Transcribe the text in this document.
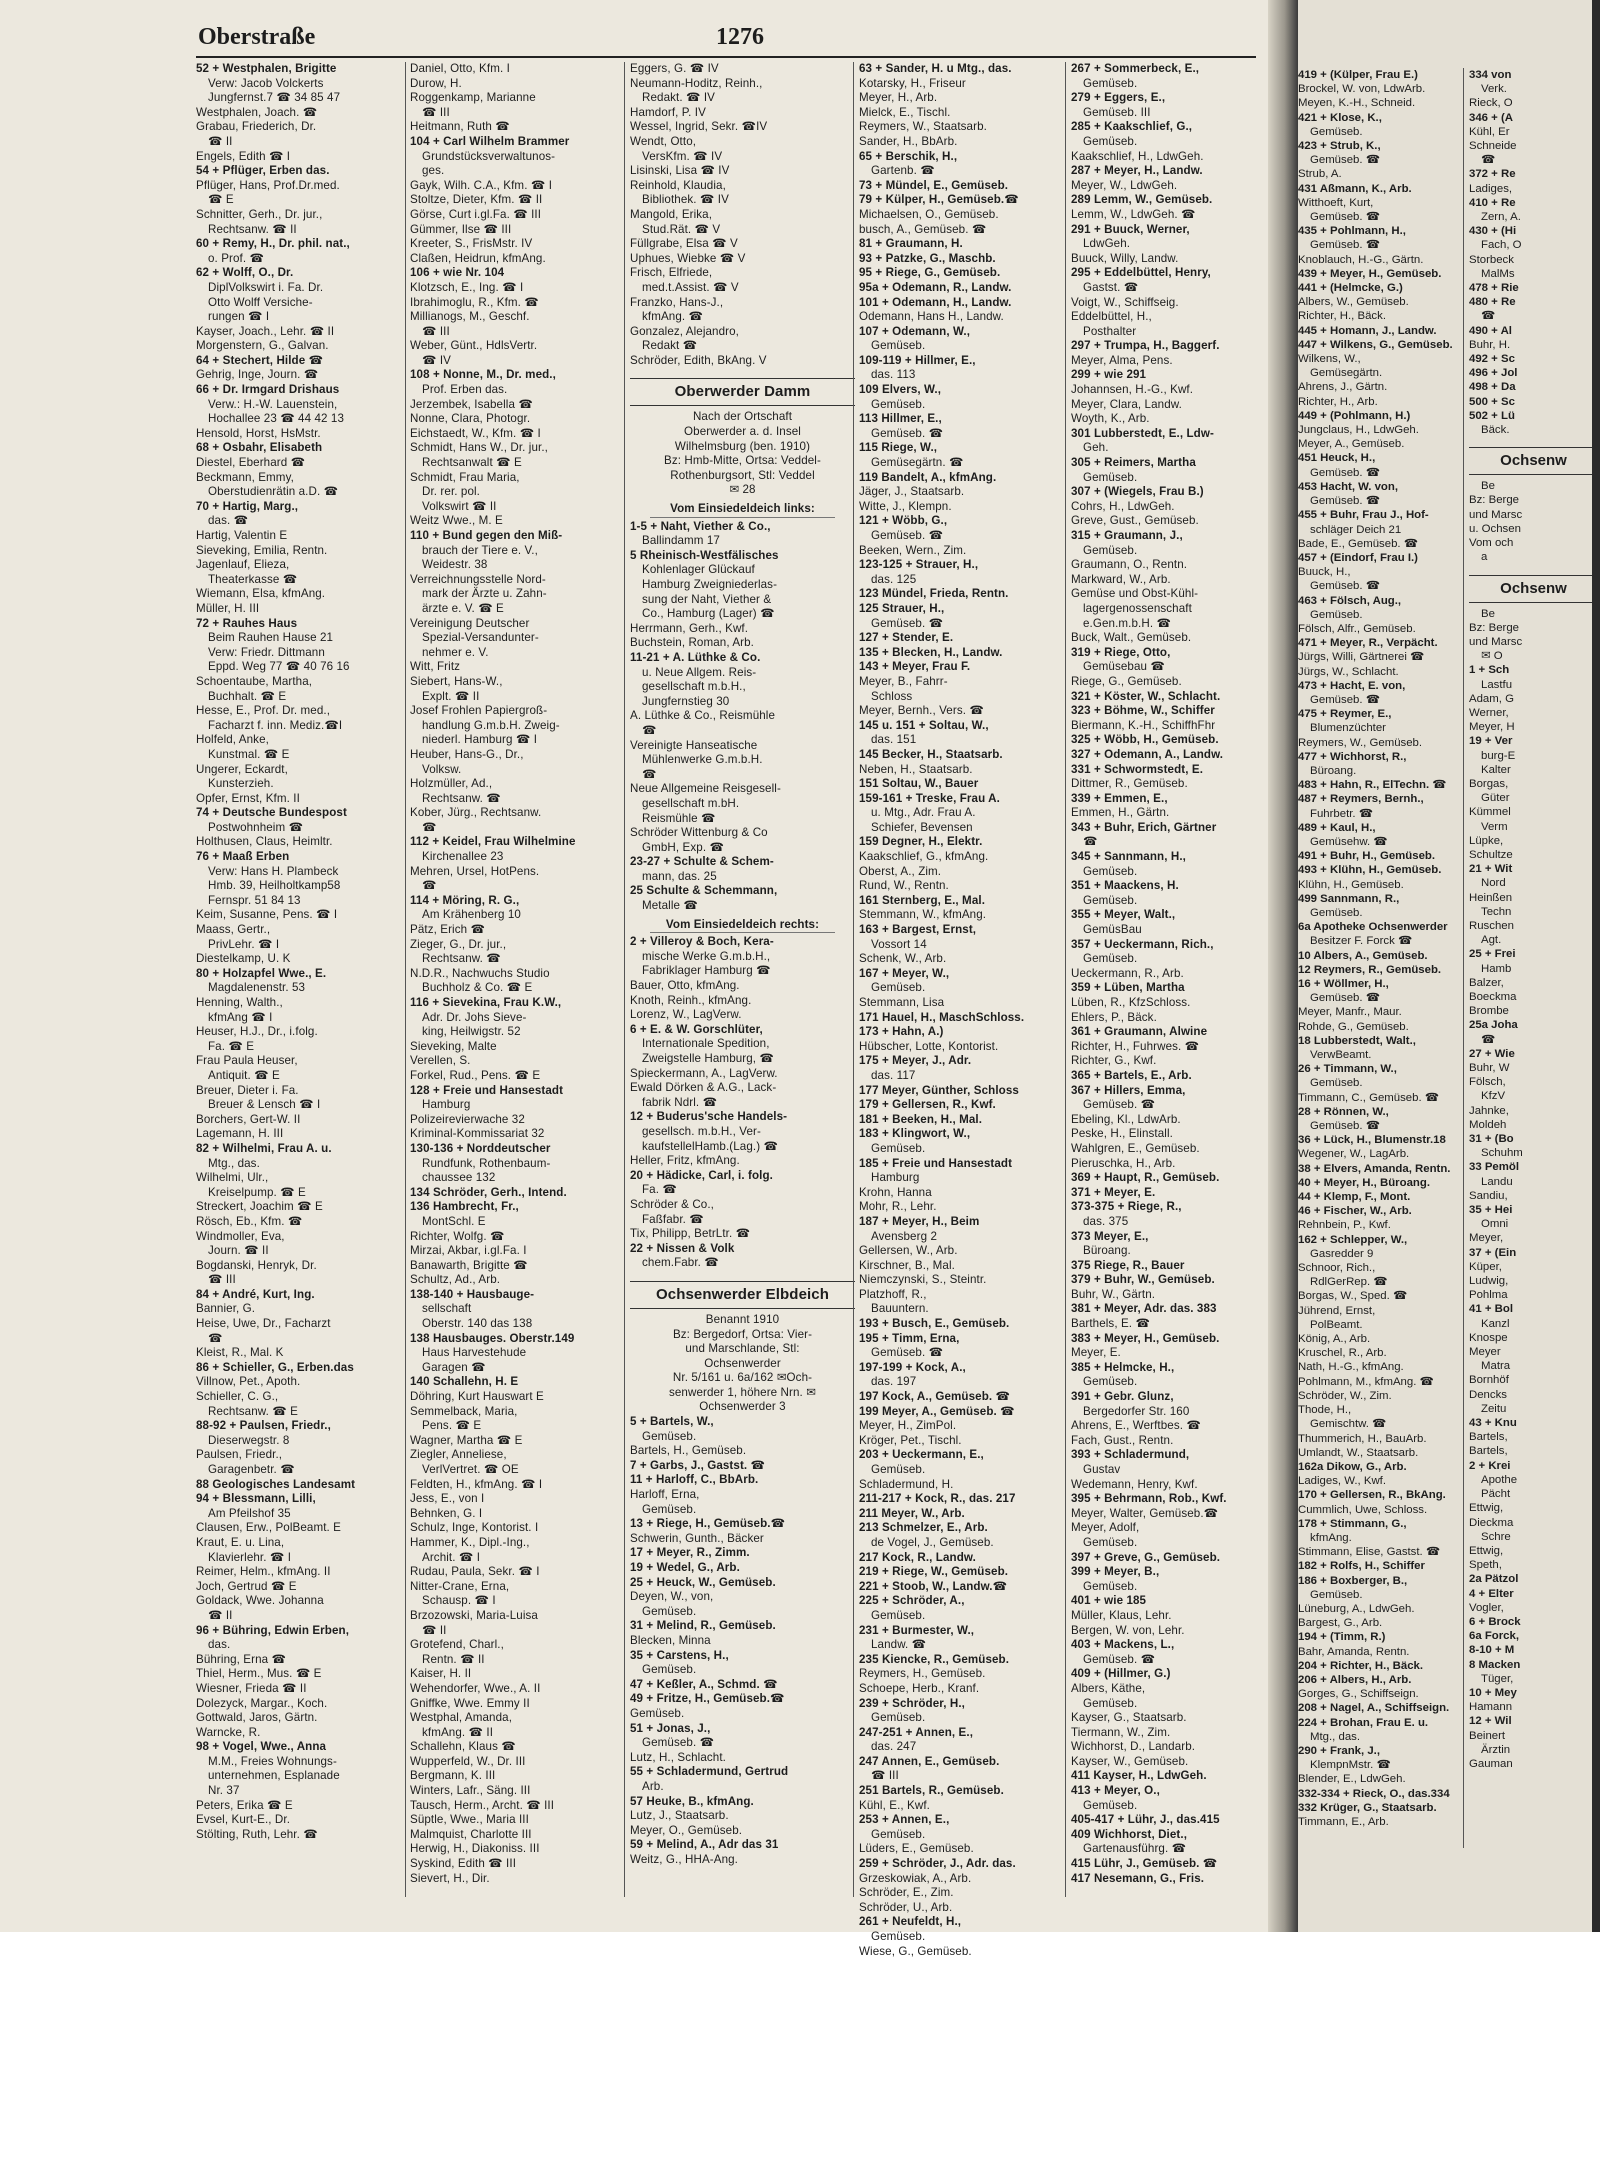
419 + (Külper, Frau E.)
Brockel, W. von, LdwArb.
Meyen, K.-H., Schneid.
421 + Klose, K.,
Gemüseb.
423 + Strub, K.,
Gemüseb. ☎
Strub, A.
431 Aßmann, K., Arb.
Witthoeft, Kurt,
Gemüseb. ☎
435 + Pohlmann, H.,
Gemüseb. ☎
Knoblauch, H.-G., Gärtn.
439 + Meyer, H., Gemüseb.
441 + (Helmcke, G.)
Albers, W., Gemüseb.
Richter, H., Bäck.
445 + Homann, J., Landw.
447 + Wilkens, G., Gemüseb.
Wilkens, W.,
Gemüsegärtn.
Ahrens, J., Gärtn.
Richter, H., Arb.
449 + (Pohlmann, H.)
Jungclaus, H., LdwGeh.
Meyer, A., Gemüseb.
451 Heuck, H.,
Gemüseb. ☎
453 Hacht, W. von,
Gemüseb. ☎
455 + Buhr, Frau J., Hof-
schläger Deich 21
Bade, E., Gemüseb. ☎
457 + (Eindorf, Frau I.)
Buuck, H.,
Gemüseb. ☎
463 + Fölsch, Aug.,
Gemüseb.
Fölsch, Alfr., Gemüseb.
471 + Meyer, R., Verpächt.
Jürgs, Willi, Gärtnerei ☎
Jürgs, W., Schlacht.
473 + Hacht, E. von,
Gemüseb. ☎
475 + Reymer, E.,
Blumenzüchter
Reymers, W., Gemüseb.
477 + Wichhorst, R.,
Büroang.
483 + Hahn, R., ElTechn. ☎
487 + Reymers, Bernh.,
Fuhrbetr. ☎
489 + Kaul, H.,
Gemüsehw. ☎
491 + Buhr, H., Gemüseb.
493 + Klühn, H., Gemüseb.
Klühn, H., Gemüseb.
499 Sannmann, R.,
Gemüseb.
6a Apotheke Ochsenwerder
Besitzer F. Forck ☎
10 Albers, A., Gemüseb.
12 Reymers, R., Gemüseb.
16 + Wöllmer, H.,
Gemüseb. ☎
Meyer, Manfr., Maur.
Rohde, G., Gemüseb.
18 Lubberstedt, Walt.,
VerwBeamt.
26 + Timmann, W.,
Gemüseb.
Timmann, C., Gemüseb. ☎
28 + Rönnen, W.,
Gemüseb. ☎
36 + Lück, H., Blumenstr.18
Wegener, W., LagArb.
38 + Elvers, Amanda, Rentn.
40 + Meyer, H., Büroang.
44 + Klemp, F., Mont.
46 + Fischer, W., Arb.
Rehnbein, P., Kwf.
162 + Schlepper, W.,
Gasredder 9
Schnoor, Rich.,
RdlGerRep. ☎
Borgas, W., Sped. ☎
Jührend, Ernst,
PolBeamt.
König, A., Arb.
Kruschel, R., Arb.
Nath, H.-G., kfmAng.
Pohlmann, M., kfmAng. ☎
Schröder, W., Zim.
Thode, H.,
Gemischtw. ☎
Thummerich, H., BauArb.
Umlandt, W., Staatsarb.
162a Dikow, G., Arb.
Ladiges, W., Kwf.
170 + Gellersen, R., BkAng.
Cummlich, Uwe, Schloss.
178 + Stimmann, G.,
kfmAng.
Stimmann, Elise, Gastst. ☎
182 + Rolfs, H., Schiffer
186 + Boxberger, B.,
Gemüseb.
Lüneburg, A., LdwGeh.
Bargest, G., Arb.
194 + (Timm, R.)
Bahr, Amanda, Rentn.
204 + Richter, H., Bäck.
206 + Albers, H., Arb.
Gorges, G., Schiffseign.
208 + Nagel, A., Schiffseign.
224 + Brohan, Frau E. u.
Mtg., das.
290 + Frank, J.,
KlempnMstr. ☎
Blender, E., LdwGeh.
332-334 + Rieck, O., das.334
332 Krüger, G., Staatsarb.
Timmann, E., Arb.
334 von
Verk.
Rieck, O
346 + (A
Kühl, Er
Schneide
☎
372 + Re
Ladiges,
410 + Re
Zern, A.
430 + (Hi
Fach, O
Storbeck
MalMs
478 + Rie
480 + Re
☎
490 + Al
Buhr, H.
492 + Sc
496 + Jol
498 + Da
500 + Sc
502 + Lü
Bäck.
Ochsenw
Be
Bz: Berge
und Marsc
u. Ochsen
Vom och
a
Ochsenw
Be
Bz: Berge
und Marsc
✉ O
1 + Sch
Lastfu
Adam, G
Werner,
Meyer, H
19 + Ver
burg-E
Kalter
Borgas,
Güter
Kümmel
Verm
Lüpke,
Schultze
21 + Wit
Nord
Heinßen
Techn
Ruschen
Agt.
25 + Frei
Hamb
Balzer,
Boeckma
Brombe
25a Joha
☎
27 + Wie
Buhr, W
Fölsch,
KfzV
Jahnke,
Moldeh
31 + (Bo
Schuhm
33 Pemöl
Landu
Sandiu,
35 + Hei
Omni
Meyer,
37 + (Ein
Küper,
Ludwig,
Pohlma
41 + Bol
Kanzl
Knospe
Meyer
Matra
Bornhöf
Dencks
Zeitu
43 + Knu
Bartels,
Bartels,
2 + Krei
Apothe
Pächt
Ettwig,
Dieckma
Schre
Ettwig,
Speth,
2a Pätzol
4 + Elter
Vogler,
6 + Brock
6a Forck,
8-10 + M
8 Macken
Tüger,
10 + Mey
Hamann
12 + Wil
Beinert
Ärztin
Gauman
Oberstraße	1276
52 + Westphalen, Brigitte
Verw: Jacob Volckerts
Jungfernst.7 ☎ 34 85 47
Westphalen, Joach. ☎
Grabau, Friederich, Dr.
☎ II
Engels, Edith ☎ I
54 + Pflüger, Erben das.
Pflüger, Hans, Prof.Dr.med.
☎ E
Schnitter, Gerh., Dr. jur.,
Rechtsanw. ☎ II
60 + Remy, H., Dr. phil. nat.,
o. Prof. ☎
62 + Wolff, O., Dr.
DiplVolkswirt i. Fa. Dr.
Otto Wolff Versiche-
rungen ☎ I
Kayser, Joach., Lehr. ☎ II
Morgenstern, G., Galvan.
64 + Stechert, Hilde ☎
Gehrig, Inge, Journ. ☎
66 + Dr. Irmgard Drishaus
Verw.: H.-W. Lauenstein,
Hochallee 23 ☎ 44 42 13
Hensold, Horst, HsMstr.
68 + Osbahr, Elisabeth
Diestel, Eberhard ☎
Beckmann, Emmy,
Oberstudienrätin a.D. ☎
70 + Hartig, Marg.,
das. ☎
Hartig, Valentin E
Sieveking, Emilia, Rentn.
Jagenlauf, Elieza,
Theaterkasse ☎
Wiemann, Elsa, kfmAng.
Müller, H. III
72 + Rauhes Haus
Beim Rauhen Hause 21
Verw: Friedr. Dittmann
Eppd. Weg 77 ☎ 40 76 16
Schoentaube, Martha,
Buchhalt. ☎ E
Hesse, E., Prof. Dr. med.,
Facharzt f. inn. Mediz.☎I
Holfeld, Anke,
Kunstmal. ☎ E
Ungerer, Eckardt,
Kunsterzieh.
Opfer, Ernst, Kfm. II
74 + Deutsche Bundespost
Postwohnheim ☎
Holthusen, Claus, Heimltr.
76 + Maaß Erben
Verw: Hans H. Plambeck
Hmb. 39, Heilholtkamp58
Fernspr. 51 84 13
Keim, Susanne, Pens. ☎ I
Maass, Gertr.,
PrivLehr. ☎ I
Diestelkamp, U. K
80 + Holzapfel Wwe., E.
Magdalenenstr. 53
Henning, Walth.,
kfmAng ☎ I
Heuser, H.J., Dr., i.folg.
Fa. ☎ E
Frau Paula Heuser,
Antiquit. ☎ E
Breuer, Dieter i. Fa.
Breuer & Lensch ☎ I
Borchers, Gert-W. II
Lagemann, H. III
82 + Wilhelmi, Frau A. u.
Mtg., das.
Wilhelmi, Ulr.,
Kreiselpump. ☎ E
Streckert, Joachim ☎ E
Rösch, Eb., Kfm. ☎
Windmoller, Eva,
Journ. ☎ II
Bogdanski, Henryk, Dr.
☎ III
84 + André, Kurt, Ing.
Bannier, G.
Heise, Uwe, Dr., Facharzt
☎
Kleist, R., Mal. K
86 + Schieller, G., Erben.das
Villnow, Pet., Apoth.
Schieller, C. G.,
Rechtsanw. ☎ E
88-92 + Paulsen, Friedr.,
Dieserwegstr. 8
Paulsen, Friedr.,
Garagenbetr. ☎
88 Geologisches Landesamt
94 + Blessmann, Lilli,
Am Pfeilshof 35
Clausen, Erw., PolBeamt. E
Kraut, E. u. Lina,
Klavierlehr. ☎ I
Reimer, Helm., kfmAng. II
Joch, Gertrud ☎ E
Goldack, Wwe. Johanna
☎ II
96 + Bühring, Edwin Erben,
das.
Bühring, Erna ☎
Thiel, Herm., Mus. ☎ E
Wiesner, Frieda ☎ II
Dolezyck, Margar., Koch.
Gottwald, Jaros, Gärtn.
Warncke, R.
98 + Vogel, Wwe., Anna
M.M., Freies Wohnungs-
unternehmen, Esplanade
Nr. 37
Peters, Erika ☎ E
Evsel, Kurt-E., Dr.
Stölting, Ruth, Lehr. ☎
Daniel, Otto, Kfm. I
Durow, H.
Roggenkamp, Marianne
☎ III
Heitmann, Ruth ☎
104 + Carl Wilhelm Brammer
Grundstücksverwaltunos-
ges.
Gayk, Wilh. C.A., Kfm. ☎ I
Stoltze, Dieter, Kfm. ☎ II
Görse, Curt i.gl.Fa. ☎ III
Gümmer, Ilse ☎ III
Kreeter, S., FrisMstr. IV
Claßen, Heidrun, kfmAng.
106 + wie Nr. 104
Klotzsch, E., Ing. ☎ I
Ibrahimoglu, R., Kfm. ☎
Millianogs, M., Geschf.
☎ III
Weber, Günt., HdlsVertr.
☎ IV
108 + Nonne, M., Dr. med.,
Prof. Erben das.
Jerzembek, Isabella ☎
Nonne, Clara, Photogr.
Eichstaedt, W., Kfm. ☎ I
Schmidt, Hans W., Dr. jur.,
Rechtsanwalt ☎ E
Schmidt, Frau Maria,
Dr. rer. pol.
Volkswirt ☎ II
Weitz Wwe., M. E
110 + Bund gegen den Miß-
brauch der Tiere e. V.,
Weidestr. 38
Verreichnungsstelle Nord-
mark der Ärzte u. Zahn-
ärzte e. V. ☎ E
Vereinigung Deutscher
Spezial-Versandunter-
nehmer e. V.
Witt, Fritz
Siebert, Hans-W.,
Explt. ☎ II
Josef Frohlen Papiergroß-
handlung G.m.b.H. Zweig-
niederl. Hamburg ☎ I
Heuber, Hans-G., Dr.,
Volksw.
Holzmüller, Ad.,
Rechtsanw. ☎
Kober, Jürg., Rechtsanw.
☎
112 + Keidel, Frau Wilhelmine
Kirchenallee 23
Mehren, Ursel, HotPens.
☎
114 + Möring, R. G.,
Am Krähenberg 10
Pätz, Erich ☎
Zieger, G., Dr. jur.,
Rechtsanw. ☎
N.D.R., Nachwuchs Studio
Buchholz & Co. ☎ E
116 + Sievekina, Frau K.W.,
Adr. Dr. Johs Sieve-
king, Heilwigstr. 52
Sieveking, Malte
Verellen, S.
Forkel, Rud., Pens. ☎ E
128 + Freie und Hansestadt
Hamburg
Polizeirevierwache 32
Kriminal-Kommissariat 32
130-136 + Norddeutscher
Rundfunk, Rothenbaum-
chaussee 132
134 Schröder, Gerh., Intend.
136 Hambrecht, Fr.,
MontSchl. E
Richter, Wolfg. ☎
Mirzai, Akbar, i.gl.Fa. I
Banawarth, Brigitte ☎
Schultz, Ad., Arb.
138-140 + Hausbauge-
sellschaft
Oberstr. 140 das 138
138 Hausbauges. Oberstr.149
Haus Harvestehude
Garagen ☎
140 Schallehn, H. E
Döhring, Kurt Hauswart E
Semmelback, Maria,
Pens. ☎ E
Wagner, Martha ☎ E
Ziegler, Anneliese,
VerlVertret. ☎ OE
Feldten, H., kfmAng. ☎ I
Jess, E., von I
Behnken, G. I
Schulz, Inge, Kontorist. I
Hammer, K., Dipl.-Ing.,
Archit. ☎ I
Rudau, Paula, Sekr. ☎ I
Nitter-Crane, Erna,
Schausp. ☎ I
Brzozowski, Maria-Luisa
☎ II
Grotefend, Charl.,
Rentn. ☎ II
Kaiser, H. II
Wehendorfer, Wwe., A. II
Gniffke, Wwe. Emmy II
Westphal, Amanda,
kfmAng. ☎ II
Schallehn, Klaus ☎
Wupperfeld, W., Dr. III
Bergmann, K. III
Winters, Lafr., Säng. III
Tausch, Herm., Archt. ☎ III
Süptle, Wwe., Maria III
Malmquist, Charlotte III
Herwig, H., Diakoniss. III
Syskind, Edith ☎ III
Sievert, H., Dir.
Eggers, G. ☎ IV
Neumann-Hoditz, Reinh.,
Redakt. ☎ IV
Hamdorf, P. IV
Wessel, Ingrid, Sekr. ☎IV
Wendt, Otto,
VersKfm. ☎ IV
Lisinski, Lisa ☎ IV
Reinhold, Klaudia,
Bibliothek. ☎ IV
Mangold, Erika,
Stud.Rät. ☎ V
Füllgrabe, Elsa ☎ V
Uphues, Wiebke ☎ V
Frisch, Elfriede,
med.t.Assist. ☎ V
Franzko, Hans-J.,
kfmAng. ☎
Gonzalez, Alejandro,
Redakt ☎
Schröder, Edith, BkAng. V
Oberwerder Damm
Nach der Ortschaft
Oberwerder a. d. Insel
Wilhelmsburg (ben. 1910)
Bz: Hmb-Mitte, Ortsa: Veddel-
Rothenburgsort, Stl: Veddel
✉ 28
Vom Einsiedeldeich links:
1-5 + Naht, Viether & Co.,
Ballindamm 17
5 Rheinisch-Westfälisches
Kohlenlager Glückauf
Hamburg Zweigniederlas-
sung der Naht, Viether &
Co., Hamburg (Lager) ☎
Herrmann, Gerh., Kwf.
Buchstein, Roman, Arb.
11-21 + A. Lüthke & Co.
u. Neue Allgem. Reis-
gesellschaft m.b.H.,
Jungfernstieg 30
A. Lüthke & Co., Reismühle
☎
Vereinigte Hanseatische
Mühlenwerke G.m.b.H.
☎
Neue Allgemeine Reisgesell-
gesellschaft m.bH.
Reismühle ☎
Schröder Wittenburg & Co
GmbH, Exp. ☎
23-27 + Schulte & Schem-
mann, das. 25
25 Schulte & Schemmann,
Metalle ☎
Vom Einsiedeldeich rechts:
2 + Villeroy & Boch, Kera-
mische Werke G.m.b.H.,
Fabriklager Hamburg ☎
Bauer, Otto, kfmAng.
Knoth, Reinh., kfmAng.
Lorenz, W., LagVerw.
6 + E. & W. Gorschlüter,
Internationale Spedition,
Zweigstelle Hamburg, ☎
Spieckermann, A., LagVerw.
Ewald Dörken & A.G., Lack-
fabrik Ndrl. ☎
12 + Buderus'sche Handels-
gesellsch. m.b.H., Ver-
kaufstellelHamb.(Lag.) ☎
Heller, Fritz, kfmAng.
20 + Hädicke, Carl, i. folg.
Fa. ☎
Schröder & Co.,
Faßfabr. ☎
Tix, Philipp, BetrLtr. ☎
22 + Nissen & Volk
chem.Fabr. ☎
Ochsenwerder Elbdeich
Benannt 1910
Bz: Bergedorf, Ortsa: Vier-
und Marschlande, Stl:
Ochsenwerder
Nr. 5/161 u. 6a/162 ✉Och-
senwerder 1, höhere Nrn. ✉
Ochsenwerder 3
5 + Bartels, W.,
Gemüseb.
Bartels, H., Gemüseb.
7 + Garbs, J., Gastst. ☎
11 + Harloff, C., BbArb.
Harloff, Erna,
Gemüseb.
13 + Riege, H., Gemüseb.☎
Schwerin, Gunth., Bäcker
17 + Meyer, R., Zimm.
19 + Wedel, G., Arb.
25 + Heuck, W., Gemüseb.
Deyen, W., von,
Gemüseb.
31 + Melind, R., Gemüseb.
Blecken, Minna
35 + Carstens, H.,
Gemüseb.
47 + Keßler, A., Schmd. ☎
49 + Fritze, H., Gemüseb.☎
Gemüseb.
51 + Jonas, J.,
Gemüseb. ☎
Lutz, H., Schlacht.
55 + Schladermund, Gertrud
Arb.
57 Heuke, B., kfmAng.
Lutz, J., Staatsarb.
Meyer, O., Gemüseb.
59 + Melind, A., Adr das 31
Weitz, G., HHA-Ang.
63 + Sander, H. u Mtg., das.
Kotarsky, H., Friseur
Meyer, H., Arb.
Mielck, E., Tischl.
Reymers, W., Staatsarb.
Sander, H., BbArb.
65 + Berschik, H.,
Gartenb. ☎
73 + Mündel, E., Gemüseb.
79 + Külper, H., Gemüseb.☎
Michaelsen, O., Gemüseb.
busch, A., Gemüseb. ☎
81 + Graumann, H.
93 + Patzke, G., Maschb.
95 + Riege, G., Gemüseb.
95a + Odemann, R., Landw.
101 + Odemann, H., Landw.
Odemann, Hans H., Landw.
107 + Odemann, W.,
Gemüseb.
109-119 + Hillmer, E.,
das. 113
109 Elvers, W.,
Gemüseb.
113 Hillmer, E.,
Gemüseb. ☎
115 Riege, W.,
Gemüsegärtn. ☎
119 Bandelt, A., kfmAng.
Jäger, J., Staatsarb.
Witte, J., Klempn.
121 + Wöbb, G.,
Gemüseb. ☎
Beeken, Wern., Zim.
123-125 + Strauer, H.,
das. 125
123 Mündel, Frieda, Rentn.
125 Strauer, H.,
Gemüseb. ☎
127 + Stender, E.
135 + Blecken, H., Landw.
143 + Meyer, Frau F.
Meyer, B., Fahrr-
Schloss
Meyer, Bernh., Vers. ☎
145 u. 151 + Soltau, W.,
das. 151
145 Becker, H., Staatsarb.
Neben, H., Staatsarb.
151 Soltau, W., Bauer
159-161 + Treske, Frau A.
u. Mtg., Adr. Frau A.
Schiefer, Bevensen
159 Degner, H., Elektr.
Kaakschlief, G., kfmAng.
Oberst, A., Zim.
Rund, W., Rentn.
161 Sternberg, E., Mal.
Stemmann, W., kfmAng.
163 + Bargest, Ernst,
Vossort 14
Schenk, W., Arb.
167 + Meyer, W.,
Gemüseb.
Stemmann, Lisa
171 Hauel, H., MaschSchloss.
173 + Hahn, A.)
Hübscher, Lotte, Kontorist.
175 + Meyer, J., Adr.
das. 117
177 Meyer, Günther, Schloss
179 + Gellersen, R., Kwf.
181 + Beeken, H., Mal.
183 + Klingwort, W.,
Gemüseb.
185 + Freie und Hansestadt
Hamburg
Krohn, Hanna
Mohr, R., Lehr.
187 + Meyer, H., Beim
Avensberg 2
Gellersen, W., Arb.
Kirschner, B., Mal.
Niemczynski, S., Steintr.
Platzhoff, R.,
Bauuntern.
193 + Busch, E., Gemüseb.
195 + Timm, Erna,
Gemüseb. ☎
197-199 + Kock, A.,
das. 197
197 Kock, A., Gemüseb. ☎
199 Meyer, A., Gemüseb. ☎
Meyer, H., ZimPol.
Kröger, Pet., Tischl.
203 + Ueckermann, E.,
Gemüseb.
Schladermund, H.
211-217 + Kock, R., das. 217
211 Meyer, W., Arb.
213 Schmelzer, E., Arb.
de Vogel, J., Gemüseb.
217 Kock, R., Landw.
219 + Riege, W., Gemüseb.
221 + Stoob, W., Landw.☎
225 + Schröder, A.,
Gemüseb.
231 + Burmester, W.,
Landw. ☎
235 Kiencke, R., Gemüseb.
Reymers, H., Gemüseb.
Schoepe, Herb., Kranf.
239 + Schröder, H.,
Gemüseb.
247-251 + Annen, E.,
das. 247
247 Annen, E., Gemüseb.
☎ III
251 Bartels, R., Gemüseb.
Kühl, E., Kwf.
253 + Annen, E.,
Gemüseb.
Lüders, E., Gemüseb.
259 + Schröder, J., Adr. das.
Grzeskowiak, A., Arb.
Schröder, E., Zim.
Schröder, U., Arb.
261 + Neufeldt, H.,
Gemüseb.
Wiese, G., Gemüseb.
267 + Sommerbeck, E.,
Gemüseb.
279 + Eggers, E.,
Gemüseb. III
285 + Kaakschlief, G.,
Gemüseb.
Kaakschlief, H., LdwGeh.
287 + Meyer, H., Landw.
Meyer, W., LdwGeh.
289 Lemm, W., Gemüseb.
Lemm, W., LdwGeh. ☎
291 + Buuck, Werner,
LdwGeh.
Buuck, Willy, Landw.
295 + Eddelbüttel, Henry,
Gastst. ☎
Voigt, W., Schiffseig.
Eddelbüttel, H.,
Posthalter
297 + Trumpa, H., Baggerf.
Meyer, Alma, Pens.
299 + wie 291
Johannsen, H.-G., Kwf.
Meyer, Clara, Landw.
Woyth, K., Arb.
301 Lubberstedt, E., Ldw-
Geh.
305 + Reimers, Martha
Gemüseb.
307 + (Wiegels, Frau B.)
Cohrs, H., LdwGeh.
Greve, Gust., Gemüseb.
315 + Graumann, J.,
Gemüseb.
Graumann, O., Rentn.
Markward, W., Arb.
Gemüse und Obst-Kühl-
lagergenossenschaft
e.Gen.m.b.H. ☎
Buck, Walt., Gemüseb.
319 + Riege, Otto,
Gemüsebau ☎
Riege, G., Gemüseb.
321 + Köster, W., Schlacht.
323 + Böhme, W., Schiffer
Biermann, K.-H., SchiffhFhr
325 + Wöbb, H., Gemüseb.
327 + Odemann, A., Landw.
331 + Schwormstedt, E.
Dittmer, R., Gemüseb.
339 + Emmen, E.,
Emmen, H., Gärtn.
343 + Buhr, Erich, Gärtner
☎
345 + Sannmann, H.,
Gemüseb.
351 + Maackens, H.
Gemüseb.
355 + Meyer, Walt.,
GemüsBau
357 + Ueckermann, Rich.,
Gemüseb.
Ueckermann, R., Arb.
359 + Lüben, Martha
Lüben, R., KfzSchloss.
Ehlers, P., Bäck.
361 + Graumann, Alwine
Richter, H., Fuhrwes. ☎
Richter, G., Kwf.
365 + Bartels, E., Arb.
367 + Hillers, Emma,
Gemüseb. ☎
Ebeling, Kl., LdwArb.
Peske, H., Elinstall.
Wahlgren, E., Gemüseb.
Pieruschka, H., Arb.
369 + Haupt, R., Gemüseb.
371 + Meyer, E.
373-375 + Riege, R.,
das. 375
373 Meyer, E.,
Büroang.
375 Riege, R., Bauer
379 + Buhr, W., Gemüseb.
Buhr, W., Gärtn.
381 + Meyer, Adr. das. 383
Barthels, E. ☎
383 + Meyer, H., Gemüseb.
Meyer, E.
385 + Helmcke, H.,
Gemüseb.
391 + Gebr. Glunz,
Bergedorfer Str. 160
Ahrens, E., Werftbes. ☎
Fach, Gust., Rentn.
393 + Schladermund,
Gustav
Wedemann, Henry, Kwf.
395 + Behrmann, Rob., Kwf.
Meyer, Walter, Gemüseb.☎
Meyer, Adolf,
Gemüseb.
397 + Greve, G., Gemüseb.
399 + Meyer, B.,
Gemüseb.
401 + wie 185
Müller, Klaus, Lehr.
Bergen, W. von, Lehr.
403 + Mackens, L.,
Gemüseb. ☎
409 + (Hillmer, G.)
Albers, Käthe,
Gemüseb.
Kayser, G., Staatsarb.
Tiermann, W., Zim.
Wichhorst, D., Landarb.
Kayser, W., Gemüseb.
411 Kayser, H., LdwGeh.
413 + Meyer, O.,
Gemüseb.
405-417 + Lühr, J., das.415
409 Wichhorst, Diet.,
Gartenausführg. ☎
415 Lühr, J., Gemüseb. ☎
417 Nesemann, G., Fris.
